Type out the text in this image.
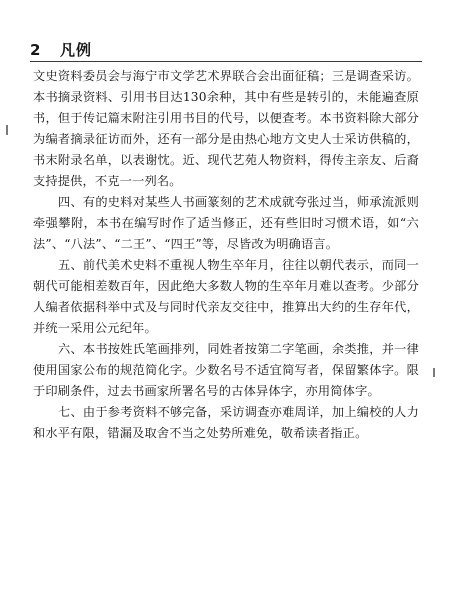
2 凡例

文史资料委员会与海宁市文学艺术界联合会出面征稿；三是调查采访。本书摘录资料、引用书目达130余种，其中有些是转引的，未能遍查原书，但于传记篇末附注引用书目的代号，以便查考。本书资料除大部分为编者摘录征访而外，还有一部分是由热心地方文史人士采访供稿的，书末附录名单，以表谢忱。近、现代艺苑人物资料，得传主亲友、后裔支持提供，不克一一列名。

四、有的史料对某些人书画篆刻的艺术成就夸张过当，师承流派则牵强攀附，本书在编写时作了适当修正，还有些旧时习惯术语，如“六法”、“八法”、“二王”、“四王”等，尽皆改为明确语言。

五、前代美术史料不重视人物生卒年月，往往以朝代表示，而同一朝代可能相差数百年，因此绝大多数人物的生卒年月难以查考。少部分人编者依据科举中式及与同时代亲友交往中，推算出大约的生存年代，并统一采用公元纪年。

六、本书按姓氏笔画排列，同姓者按第二字笔画，余类推，并一律使用国家公布的规范简化字。少数名号不适宜简写者，保留繁体字。限于印刷条件，过去书画家所署名号的古体异体字，亦用简体字。

七、由于参考资料不够完备，采访调查亦难周详，加上编校的人力和水平有限，错漏及取舍不当之处势所难免，敬希读者指正。
